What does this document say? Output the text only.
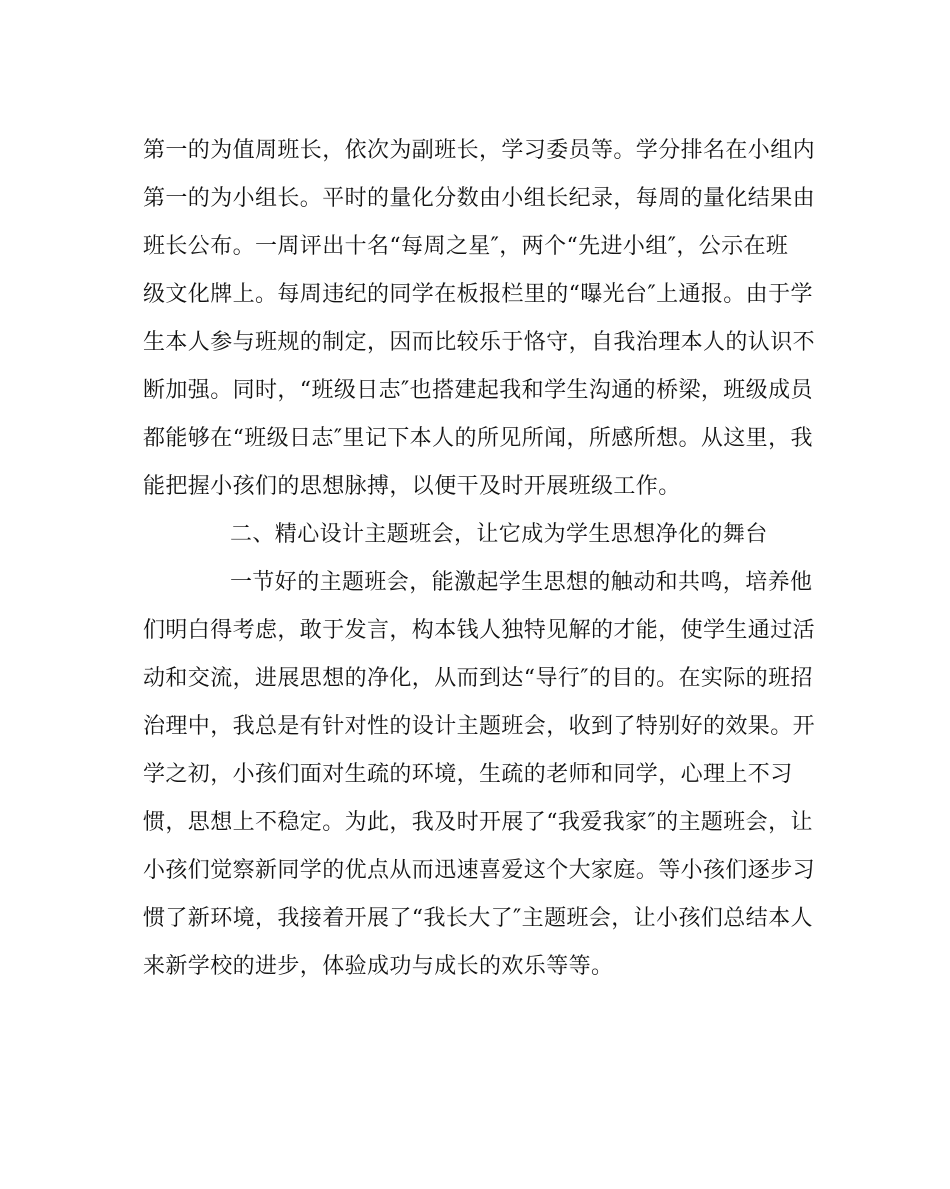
第一的为值周班长，依次为副班长，学习委员等。学分排名在小组内

第一的为小组长。平时的量化分数由小组长纪录，每周的量化结果由

班长公布。一周评出十名“每周之星″，两个“先进小组″，公示在班

级文化牌上。每周违纪的同学在板报栏里的“曝光台″上通报。由于学

生本人参与班规的制定，因而比较乐于恪守，自我治理本人的认识不

断加强。同时，“班级日志″也搭建起我和学生沟通的桥梁，班级成员

都能够在“班级日志″里记下本人的所见所闻，所感所想。从这里，我

能把握小孩们的思想脉搏，以便干及时开展班级工作。

二、精心设计主题班会，让它成为学生思想净化的舞台

一节好的主题班会，能激起学生思想的触动和共鸣，培养他

们明白得考虑，敢于发言，构本钱人独特见解的才能，使学生通过活

动和交流，进展思想的净化，从而到达“导行″的目的。在实际的班招

治理中，我总是有针对性的设计主题班会，收到了特别好的效果。开

学之初，小孩们面对生疏的环境，生疏的老师和同学，心理上不习

惯，思想上不稳定。为此，我及时开展了“我爱我家″的主题班会，让

小孩们觉察新同学的优点从而迅速喜爱这个大家庭。等小孩们逐步习

惯了新环境，我接着开展了“我长大了″主题班会，让小孩们总结本人

来新学校的进步，体验成功与成长的欢乐等等。
